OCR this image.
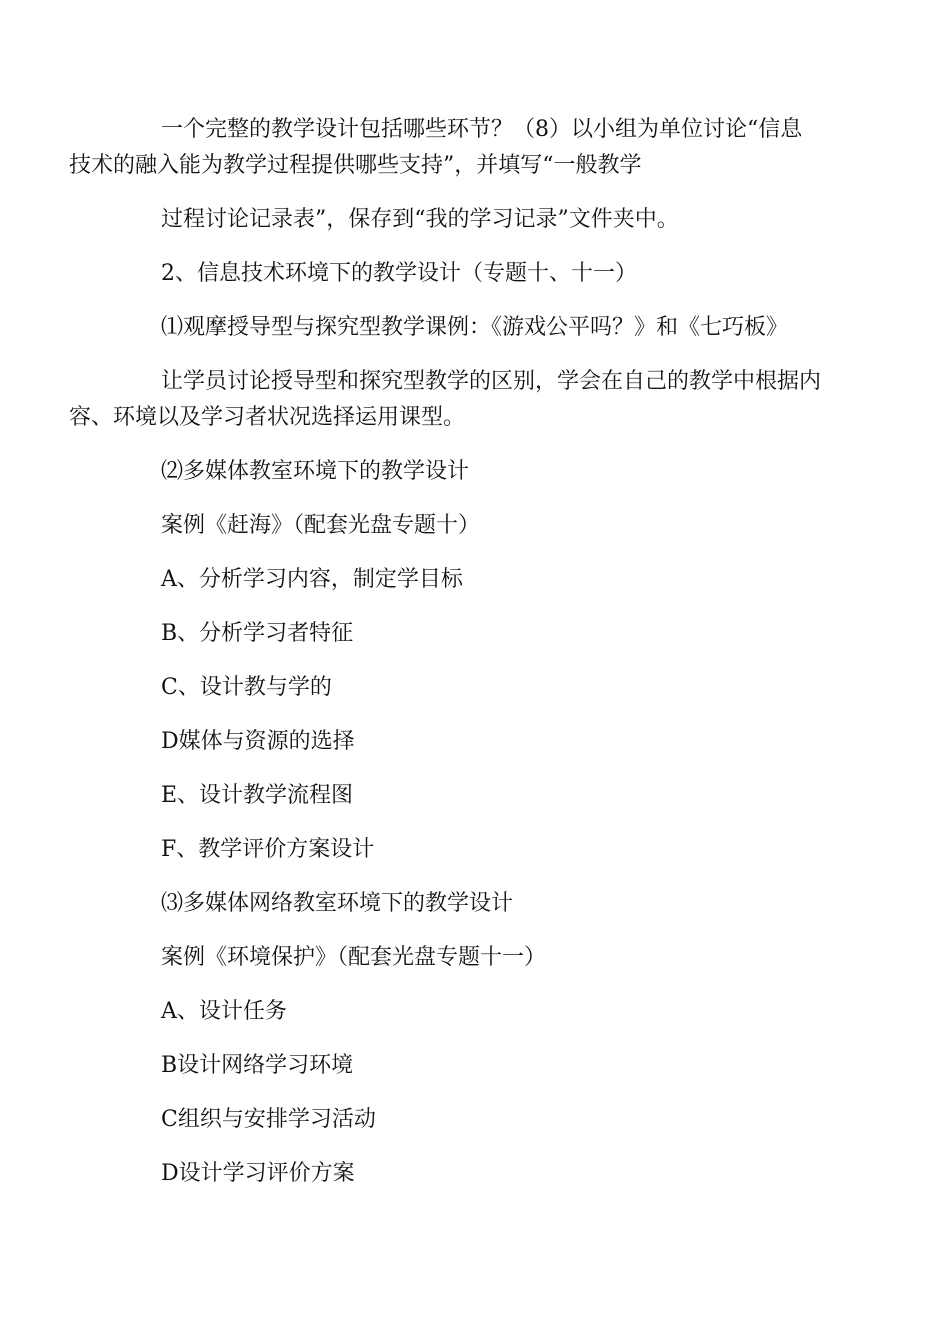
一个完整的教学设计包括哪些环节？（8）以小组为单位讨论“信息
技术的融入能为教学过程提供哪些支持”，并填写“一般教学

过程讨论记录表”，保存到“我的学习记录”文件夹中。

2、信息技术环境下的教学设计（专题十、十一）

⑴观摩授导型与探究型教学课例：《游戏公平吗？》和《七巧板》

让学员讨论授导型和探究型教学的区别，学会在自己的教学中根据内
容、环境以及学习者状况选择运用课型。

⑵多媒体教室环境下的教学设计

案例《赶海》（配套光盘专题十）

A、分析学习内容，制定学目标

B、分析学习者特征

C、设计教与学的

D媒体与资源的选择

E、设计教学流程图

F、教学评价方案设计

⑶多媒体网络教室环境下的教学设计

案例《环境保护》（配套光盘专题十一）

A、设计任务

B设计网络学习环境

C组织与安排学习活动

D设计学习评价方案
